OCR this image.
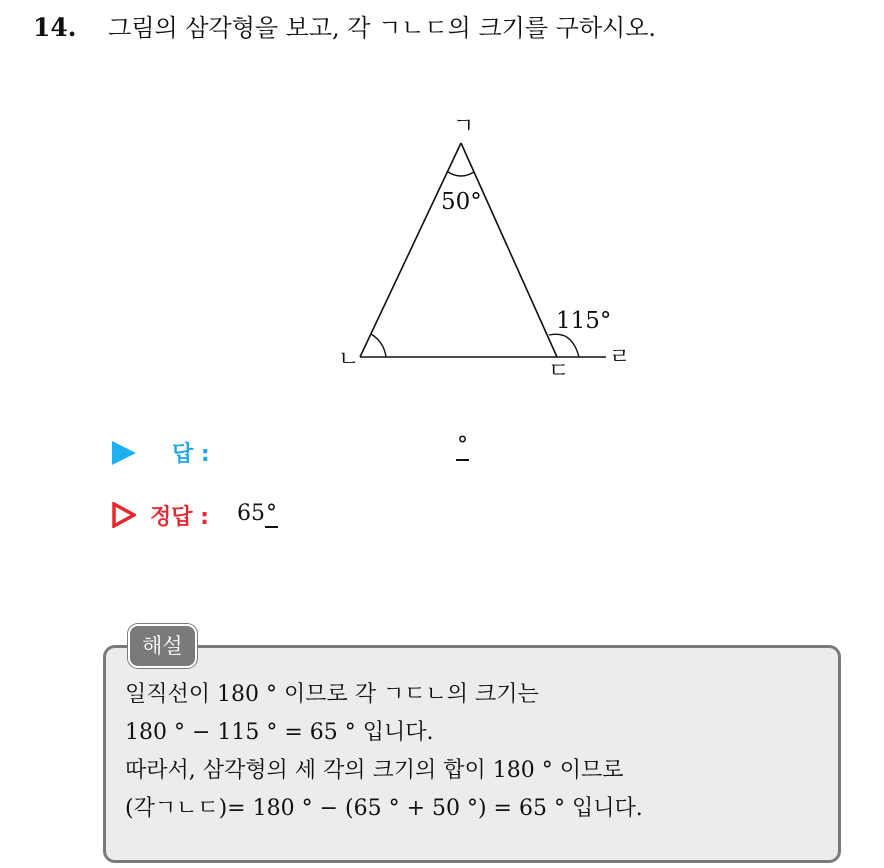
14. 그림의 삼각형을 보고, 각 ㄱㄴㄷ의 크기를 구하시오.
ㄱ
ㄴ	ㄷ
ㄹ
50°
115°
답 :	°
정답 : 65°
해설
일직선이 180 ° 이므로 각 ㄱㄷㄴ의 크기는
180 ° − 115 ° = 65 ° 입니다.
따라서, 삼각형의 세 각의 크기의 합이 180 ° 이므로
(각ㄱㄴㄷ)= 180 ° − (65 ° + 50 °) = 65 ° 입니다.
